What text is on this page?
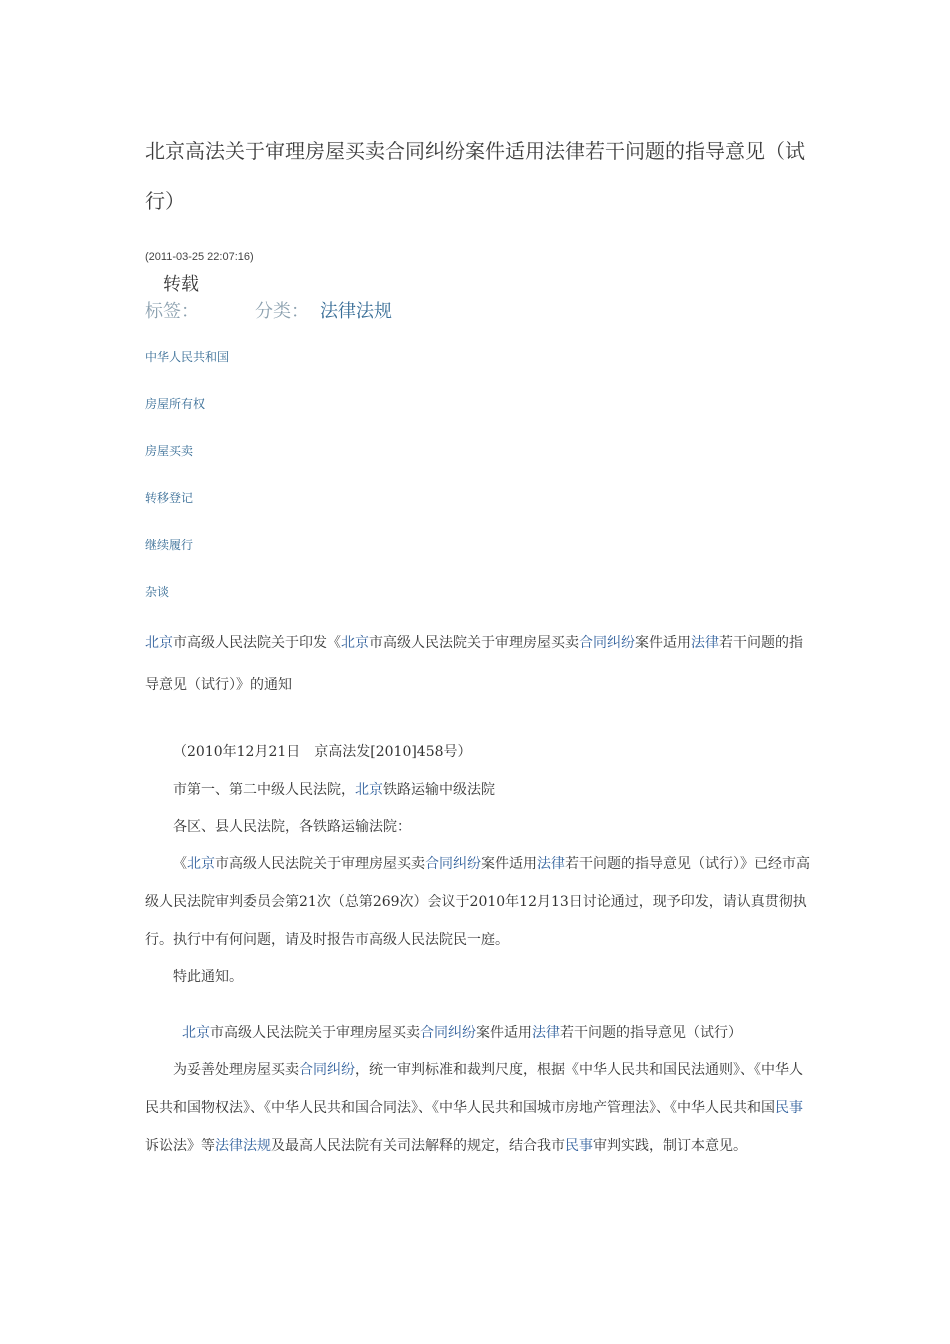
北京高法关于审理房屋买卖合同纠纷案件适用法律若干问题的指导意见（试行）
(2011-03-25 22:07:16)
转载
标签：	分类： 法律法规
中华人民共和国
房屋所有权
房屋买卖
转移登记
继续履行
杂谈
北京市高级人民法院关于印发《北京市高级人民法院关于审理房屋买卖合同纠纷案件适用法律若干问题的指导意见（试行）》的通知
（2010年12月21日　京高法发[2010]458号）
市第一、第二中级人民法院，北京铁路运输中级法院
各区、县人民法院，各铁路运输法院：
《北京市高级人民法院关于审理房屋买卖合同纠纷案件适用法律若干问题的指导意见（试行）》已经市高级人民法院审判委员会第21次（总第269次）会议于2010年12月13日讨论通过，现予印发，请认真贯彻执行。执行中有何问题，请及时报告市高级人民法院民一庭。
特此通知。
北京市高级人民法院关于审理房屋买卖合同纠纷案件适用法律若干问题的指导意见（试行）
为妥善处理房屋买卖合同纠纷，统一审判标准和裁判尺度，根据《中华人民共和国民法通则》、《中华人民共和国物权法》、《中华人民共和国合同法》、《中华人民共和国城市房地产管理法》、《中华人民共和国民事诉讼法》等法律法规及最高人民法院有关司法解释的规定，结合我市民事审判实践，制订本意见。
